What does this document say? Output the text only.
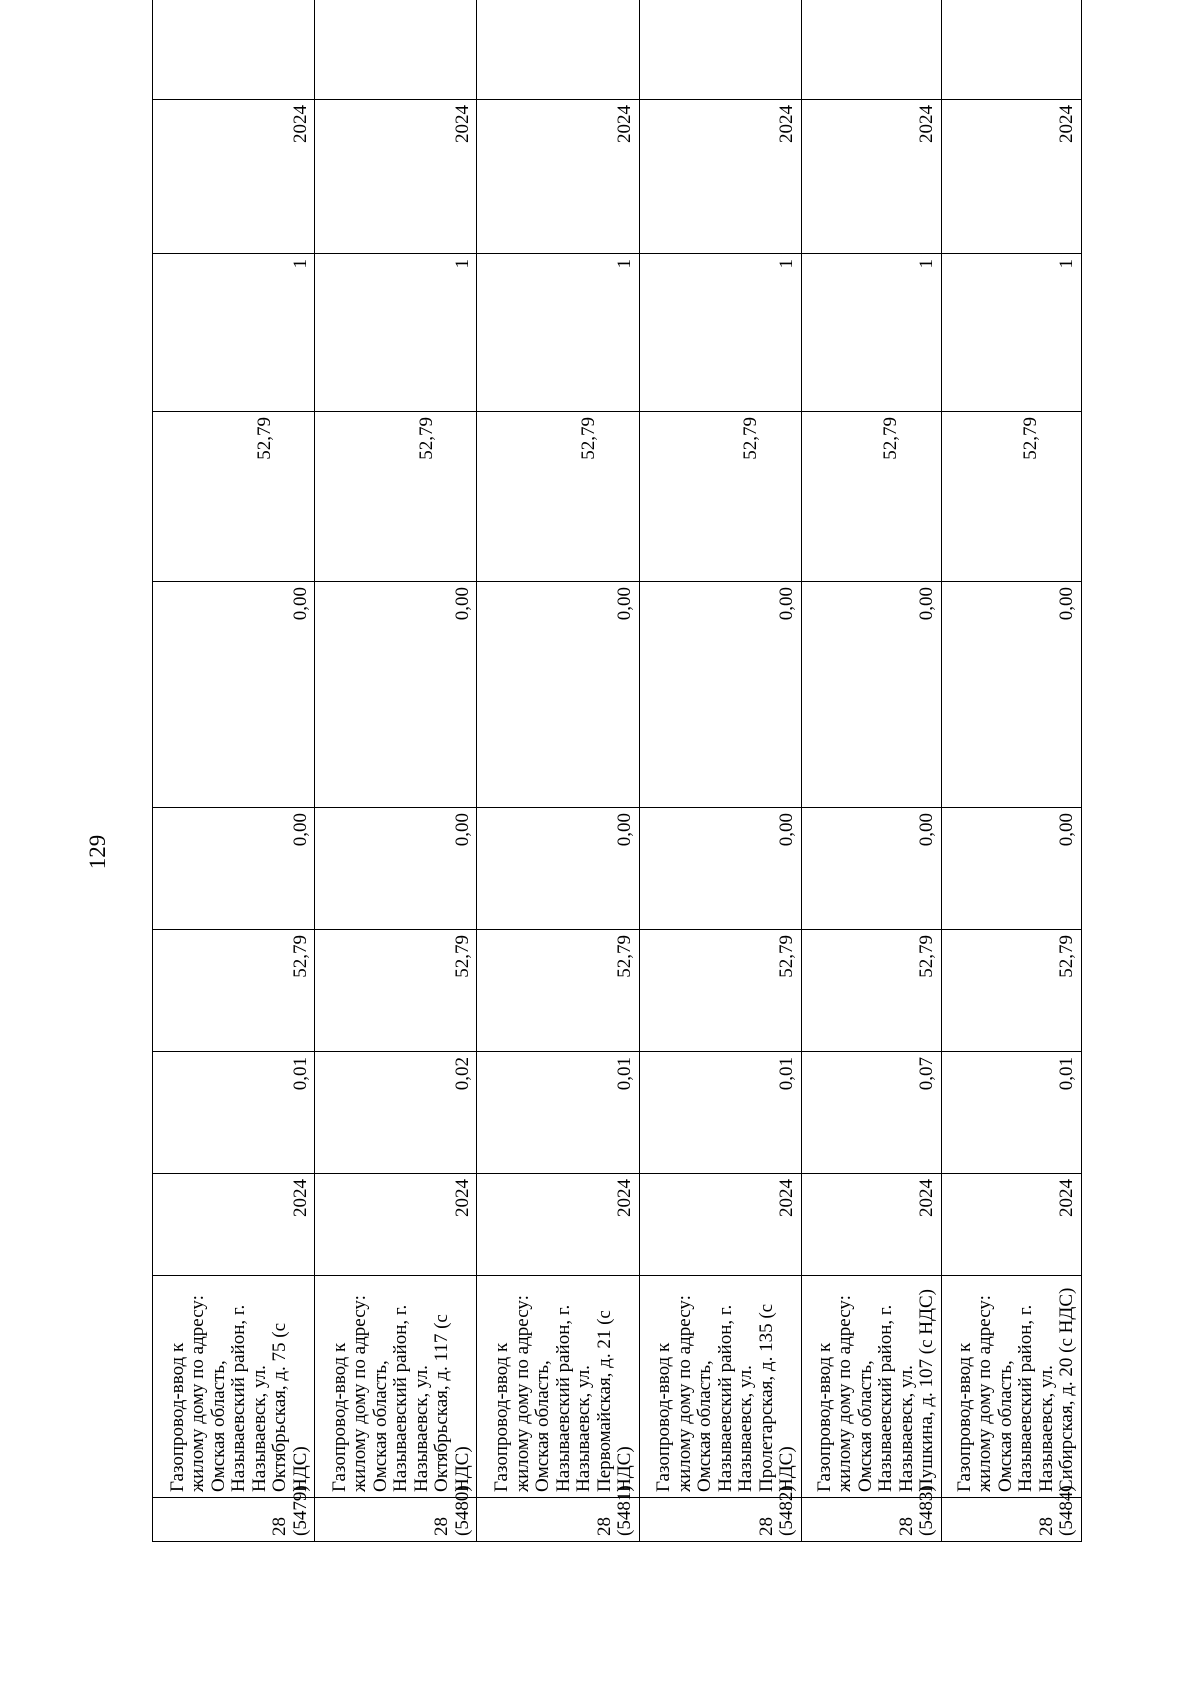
129
28
(5479)	Газопровод-ввод к жилому дому по адресу: Омская область, Называевский район, г. Называевск, ул. Октябрьская, д. 75 (с НДС)	2024	0,01	52,79	0,00	0,00	52,79	1	2024	
28
(5480)	Газопровод-ввод к жилому дому по адресу: Омская область, Называевский район, г. Называевск, ул. Октябрьская, д. 117 (с НДС)	2024	0,02	52,79	0,00	0,00	52,79	1	2024	
28
(5481)	Газопровод-ввод к жилому дому по адресу: Омская область, Называевский район, г. Называевск, ул. Первомайская, д. 21 (с НДС)	2024	0,01	52,79	0,00	0,00	52,79	1	2024	
28
(5482)	Газопровод-ввод к жилому дому по адресу: Омская область, Называевский район, г. Называевск, ул. Пролетарская, д. 135 (с НДС)	2024	0,01	52,79	0,00	0,00	52,79	1	2024	
28
(5483)	Газопровод-ввод к жилому дому по адресу: Омская область, Называевский район, г. Называевск, ул. Пушкина, д. 107 (с НДС)	2024	0,07	52,79	0,00	0,00	52,79	1	2024	
28
(5484)	Газопровод-ввод к жилому дому по адресу: Омская область, Называевский район, г. Называевск, ул. Сибирская, д. 20 (с НДС)	2024	0,01	52,79	0,00	0,00	52,79	1	2024	
